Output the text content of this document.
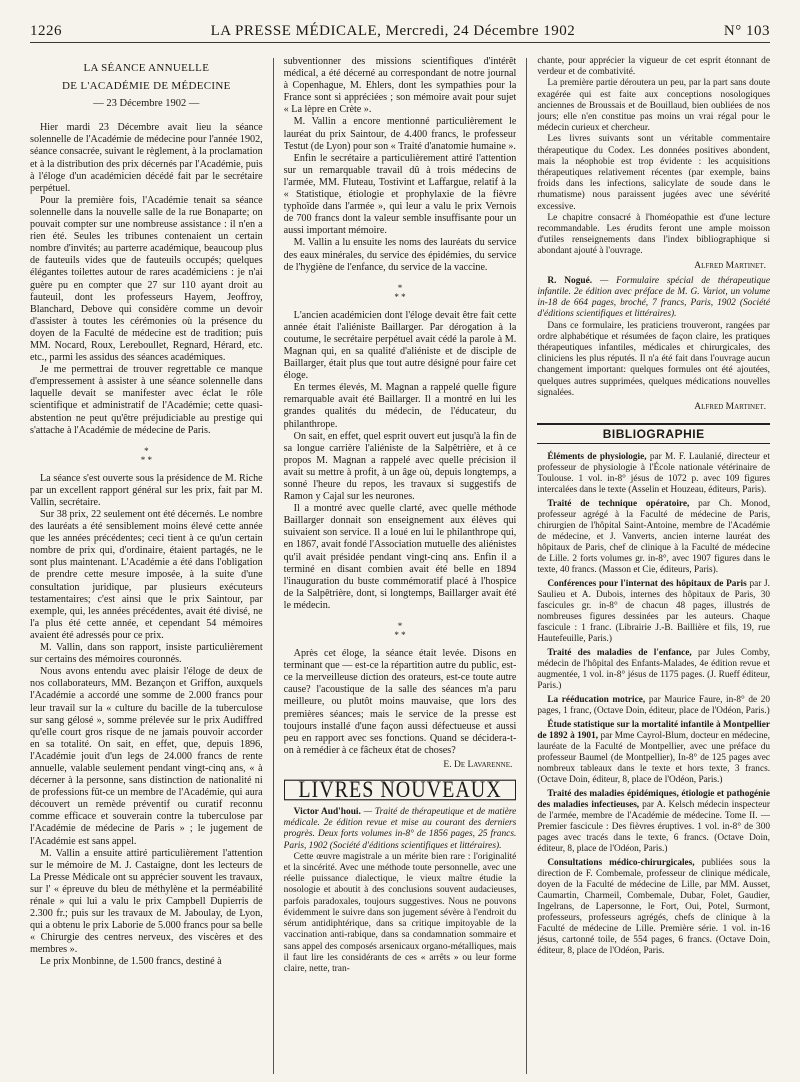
1226	LA PRESSE MÉDICALE, Mercredi, 24 Décembre 1902	N° 103
LA SÉANCE ANNUELLE
DE L'ACADÉMIE DE MÉDECINE
— 23 Décembre 1902 —

Hier mardi 23 Décembre avait lieu la séance solennelle de l'Académie de médecine pour l'année 1902, séance consacrée, suivant le règlement, à la proclamation et à la distribution des prix décernés par l'Académie, puis à l'éloge d'un académicien décédé fait par le secrétaire perpétuel.

Pour la première fois, l'Académie tenait sa séance solennelle dans la nouvelle salle de la rue Bonaparte; on pouvait compter sur une nombreuse assistance : il n'en a rien été. Seules les tribunes contenaient un certain nombre d'invités; au parterre académique, beaucoup plus de fauteuils vides que de fauteuils occupés; quelques élégantes toilettes autour de rares académiciens : je n'ai guère pu en compter que 27 sur 110 ayant droit au fauteuil, dont les professeurs Hayem, Jeoffroy, Blanchard, Debove qui considère comme un devoir d'assister à toutes les cérémonies où la présence du doyen de la Faculté de médecine est de tradition; puis MM. Nocard, Roux, Lereboullet, Regnard, Hérard, etc. etc., parmi les assidus des séances académiques.

Je me permettrai de trouver regrettable ce manque d'empressement à assister à une séance solennelle dans laquelle devait se manifester avec éclat le rôle scientifique et administratif de l'Académie; cette quasi-abstention ne peut qu'être préjudiciable au prestige qui s'attache à l'Académie de médecine de Paris.

*
* *

La séance s'est ouverte sous la présidence de M. Riche par un excellent rapport général sur les prix, fait par M. Vallin, secrétaire.

Sur 38 prix, 22 seulement ont été décernés. Le nombre des lauréats a été sensiblement moins élevé cette année que les années précédentes; ceci tient à ce qu'un certain nombre de prix qui, d'ordinaire, étaient partagés, ne le sont plus maintenant. L'Académie a été dans l'obligation de prendre cette mesure imposée, à la suite d'une consultation juridique, par plusieurs exécuteurs testamentaires; c'est ainsi que le prix Saintour, par exemple, qui, les années précédentes, avait été divisé, ne l'a plus été cette année, et cependant 54 mémoires avaient été adressés pour ce prix.

M. Vallin, dans son rapport, insiste particulièrement sur certains des mémoires couronnés.

Nous avons entendu avec plaisir l'éloge de deux de nos collaborateurs, MM. Bezançon et Griffon, auxquels l'Académie a accordé une somme de 2.000 francs pour leur travail sur la « culture du bacille de la tuberculose sur sang gélosé », somme prélevée sur le prix Audiffred qu'elle court gros risque de ne jamais pouvoir accorder en sa totalité. On sait, en effet, que, depuis 1896, l'Académie jouit d'un legs de 24.000 francs de rente annuelle, valable seulement pendant vingt-cinq ans, « à décerner à la personne, sans distinction de nationalité ni de professions fût-ce un membre de l'Académie, qui aura découvert un remède préventif ou curatif reconnu comme efficace et souverain contre la tuberculose par l'Académie de médecine de Paris » ; le jugement de l'Académie est sans appel.

M. Vallin a ensuite attiré particulièrement l'attention sur le mémoire de M. J. Castaigne, dont les lecteurs de La Presse Médicale ont su apprécier souvent les travaux, sur l' « épreuve du bleu de méthylène et la perméabilité rénale » qui lui a valu le prix Campbell Dupierris de 2.300 fr.; puis sur les travaux de M. Jaboulay, de Lyon, qui a obtenu le prix Laborie de 5.000 francs pour sa belle « Chirurgie des centres nerveux, des viscères et des membres ».

Le prix Monbinne, de 1.500 francs, destiné à

subventionner des missions scientifiques d'intérêt médical, a été décerné au correspondant de notre journal à Copenhague, M. Ehlers, dont les sympathies pour la France sont si appréciées ; son mémoire avait pour sujet « La lèpre en Crète ».

M. Vallin a encore mentionné particulièrement le lauréat du prix Saintour, de 4.400 francs, le professeur Testut (de Lyon) pour son « Traité d'anatomie humaine ».

Enfin le secrétaire a particulièrement attiré l'attention sur un remarquable travail dû à trois médecins de l'armée, MM. Fluteau, Tostivint et Laffargue, relatif à la « Statistique, étiologie et prophylaxie de la fièvre typhoïde dans l'armée », qui leur a valu le prix Vernois de 700 francs dont la valeur semble insuffisante pour un aussi important mémoire.

M. Vallin a lu ensuite les noms des lauréats du service des eaux minérales, du service des épidémies, du service de l'hygiène de l'enfance, du service de la vaccine.

*
* *

L'ancien académicien dont l'éloge devait être fait cette année était l'aliéniste Baillarger. Par dérogation à la coutume, le secrétaire perpétuel avait cédé la parole à M. Magnan qui, en sa qualité d'aliéniste et de disciple de Baillarger, était plus que tout autre désigné pour faire cet éloge.

En termes élevés, M. Magnan a rappelé quelle figure remarquable avait été Baillarger. Il a montré en lui les grandes qualités du médecin, de l'éducateur, du philanthrope.

On sait, en effet, quel esprit ouvert eut jusqu'à la fin de sa longue carrière l'aliéniste de la Salpêtrière, et à ce propos M. Magnan a rappelé avec quelle précision il avait su mettre à profit, à un âge où, depuis longtemps, a sonné l'heure du repos, les travaux si suggestifs de Ramon y Cajal sur les neurones.

Il a montré avec quelle clarté, avec quelle méthode Baillarger donnait son enseignement aux élèves qui suivaient son service. Il a loué en lui le philanthrope qui, en 1867, avait fondé l'Association mutuelle des aliénistes qu'il avait présidée pendant vingt-cinq ans. Enfin il a terminé en disant combien avait été belle en 1894 l'inauguration du buste commémoratif placé à l'hospice de la Salpêtrière, dont, si longtemps, Baillarger avait été le médecin.

*
* *

Après cet éloge, la séance était levée. Disons en terminant que — est-ce la répartition autre du public, est-ce la merveilleuse diction des orateurs, est-ce toute autre cause? l'acoustique de la salle des séances m'a paru meilleure, ou plutôt moins mauvaise, que lors des premières séances; mais le service de la presse est toujours installé d'une façon aussi défectueuse et aussi peu en rapport avec ses fonctions. Quand se décidera-t-on à remédier à ce fâcheux état de choses?

E. De Lavarenne.

LIVRES NOUVEAUX

Victor Aud'houi. — Traité de thérapeutique et de matière médicale. 2e édition revue et mise au courant des derniers progrès. Deux forts volumes in-8° de 1856 pages, 25 francs. Paris, 1902 (Société d'éditions scientifiques et littéraires).

Cette œuvre magistrale a un mérite bien rare : l'originalité et la sincérité. Avec une méthode toute personnelle, avec une réelle puissance dialectique, le vieux maître étudie la nosologie et aboutit à des conclusions souvent audacieuses, parfois paradoxales, toujours suggestives. Nous ne pouvons évidemment le suivre dans son jugement sévère à l'endroit du sérum antidiphtérique, dans sa critique impitoyable de la vaccination anti-rabique, dans sa condamnation sommaire et sans appel des composés arsenicaux organo-métalliques, mais il faut lire les considérants de ces « arrêts » ou leur forme claire, nette, tran-

chante, pour apprécier la vigueur de cet esprit étonnant de verdeur et de combativité.

La première partie déroutera un peu, par la part sans doute exagérée qui est faite aux conceptions nosologiques anciennes de Broussais et de Bouillaud, bien oubliées de nos jours; elle n'en constitue pas moins un vrai régal pour le médecin curieux et chercheur.

Les livres suivants sont un véritable commentaire thérapeutique du Codex. Les données positives abondent, mais la néophobie est trop évidente : les acquisitions thérapeutiques relativement récentes (par exemple, bains froids dans les infections, salicylate de soude dans le rhumatisme) nous paraissent jugées avec une sévérité excessive.

Le chapitre consacré à l'homéopathie est d'une lecture recommandable. Les érudits feront une ample moisson d'utiles renseignements dans l'index bibliographique si abondant ajouté à l'ouvrage.

Alfred Martinet.

R. Nogué. — Formulaire spécial de thérapeutique infantile. 2e édition avec préface de M. G. Variot, un volume in-18 de 664 pages, broché, 7 francs, Paris, 1902 (Société d'éditions scientifiques et littéraires).

Dans ce formulaire, les praticiens trouveront, rangées par ordre alphabétique et résumées de façon claire, les pratiques thérapeutiques infantiles, médicales et chirurgicales, des cliniciens les plus réputés. Il n'a été fait dans l'ouvrage aucun changement important: quelques formules ont été ajoutées, quelques autres supprimées, quelques médications nouvelles signalées.

Alfred Martinet.

BIBLIOGRAPHIE

Éléments de physiologie, par M. F. Laulanié, directeur et professeur de physiologie à l'École nationale vétérinaire de Toulouse. 1 vol. in-8° jésus de 1072 p. avec 109 figures intercalées dans le texte (Asselin et Houzeau, éditeurs, Paris).

Traité de technique opératoire, par Ch. Monod, professeur agrégé à la Faculté de médecine de Paris, chirurgien de l'hôpital Saint-Antoine, membre de l'Académie de médecine, et J. Vanverts, ancien interne lauréat des hôpitaux de Paris, chef de clinique à la Faculté de médecine de Lille. 2 forts volumes gr. in-8°, avec 1907 figures dans le texte, 40 francs. (Masson et Cie, éditeurs, Paris).

Conférences pour l'internat des hôpitaux de Paris par J. Saulieu et A. Dubois, internes des hôpitaux de Paris, 30 fascicules gr. in-8° de chacun 48 pages, illustrés de nombreuses figures dessinées par les auteurs. Chaque fascicule : 1 franc. (Librairie J.-B. Baillière et fils, 19, rue Hautefeuille, Paris.)

Traité des maladies de l'enfance, par Jules Comby, médecin de l'hôpital des Enfants-Malades, 4e édition revue et augmentée, 1 vol. in-8° jésus de 1175 pages. (J. Rueff éditeur, Paris.)

La rééducation motrice, par Maurice Faure, in-8° de 20 pages, 1 franc, (Octave Doin, éditeur, place de l'Odéon, Paris.)

Étude statistique sur la mortalité infantile à Montpellier de 1892 à 1901, par Mme Cayrol-Blum, docteur en médecine, lauréate de la Faculté de Montpellier, avec une préface du professeur Baumel (de Montpellier), In-8° de 125 pages avec nombreux tableaux dans le texte et hors texte, 3 francs. (Octave Doin, éditeur, 8, place de l'Odéon, Paris.)

Traité des maladies épidémiques, étiologie et pathogénie des maladies infectieuses, par A. Kelsch médecin inspecteur de l'armée, membre de l'Académie de médecine. Tome II. — Premier fascicule : Des fièvres éruptives. 1 vol. in-8° de 300 pages avec tracés dans le texte, 6 francs. (Octave Doin, éditeur, 8, place de l'Odéon, Paris.)

Consultations médico-chirurgicales, publiées sous la direction de F. Combemale, professeur de clinique médicale, doyen de la Faculté de médecine de Lille, par MM. Ausset, Caumartin, Charmeil, Combemale, Dubar, Folet, Gaudier, Ingelrans, de Lapersonne, le Fort, Oui, Potel, Surmont, professeurs, professeurs agrégés, chefs de clinique à la Faculté de médecine de Lille. Première série. 1 vol. in-16 jésus, cartonné toile, de 554 pages, 6 francs. (Octave Doin, éditeur, 8, place de l'Odéon, Paris.
